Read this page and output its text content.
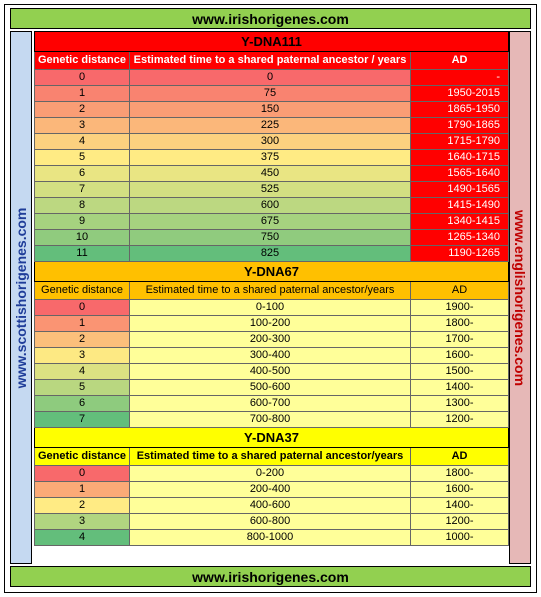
www.irishorigenes.com
www.scottishorigenes.com	www.englishorigenes.com
Y-DNA111		
Genetic distance	Estimated time to a shared paternal ancestor / years	AD
0	0	-
1	75	1950-2015
2	150	1865-1950
3	225	1790-1865
4	300	1715-1790
5	375	1640-1715
6	450	1565-1640
7	525	1490-1565
8	600	1415-1490
9	675	1340-1415
10	750	1265-1340
11	825	1190-1265
Y-DNA67		
Genetic distance	Estimated time to a shared paternal ancestor/years	AD
0	0-100	1900-
1	100-200	1800-
2	200-300	1700-
3	300-400	1600-
4	400-500	1500-
5	500-600	1400-
6	600-700	1300-
7	700-800	1200-
Y-DNA37		
Genetic distance	Estimated time to a shared paternal ancestor/years	AD
0	0-200	1800-
1	200-400	1600-
2	400-600	1400-
3	600-800	1200-
4	800-1000	1000-
www.irishorigenes.com
